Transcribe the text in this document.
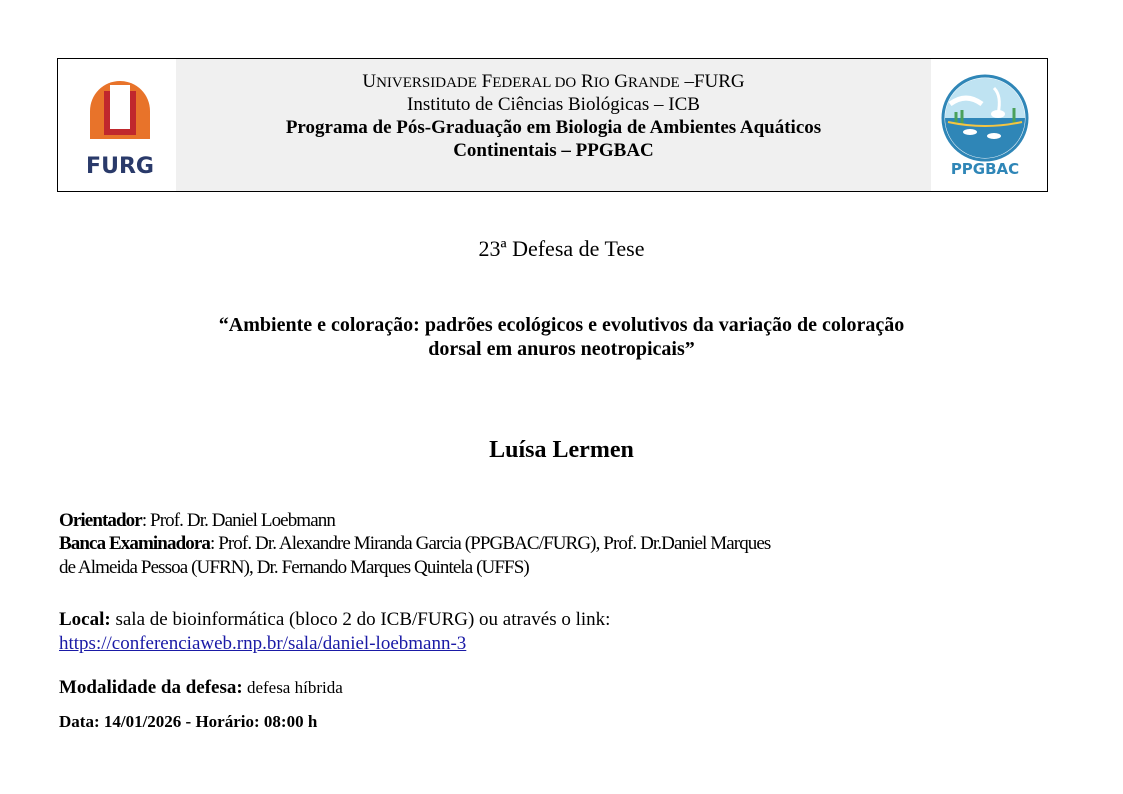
FURG
UNIVERSIDADE FEDERAL DO RIO GRANDE –FURG
Instituto de Ciências Biológicas – ICB
Programa de Pós-Graduação em Biologia de Ambientes Aquáticos
Continentais – PPGBAC
PPGBAC
23ª Defesa de Tese
“Ambiente e coloração: padrões ecológicos e evolutivos da variação de coloração
dorsal em anuros neotropicais”
Luísa Lermen
Orientador: Prof. Dr. Daniel Loebmann
Banca Examinadora: Prof. Dr. Alexandre Miranda Garcia (PPGBAC/FURG), Prof. Dr.Daniel Marques
de Almeida Pessoa (UFRN), Dr. Fernando Marques Quintela (UFFS)
Local: sala de bioinformática (bloco 2 do ICB/FURG) ou através o link:
https://conferenciaweb.rnp.br/sala/daniel-loebmann-3
Modalidade da defesa: defesa híbrida
Data: 14/01/2026 - Horário: 08:00 h
